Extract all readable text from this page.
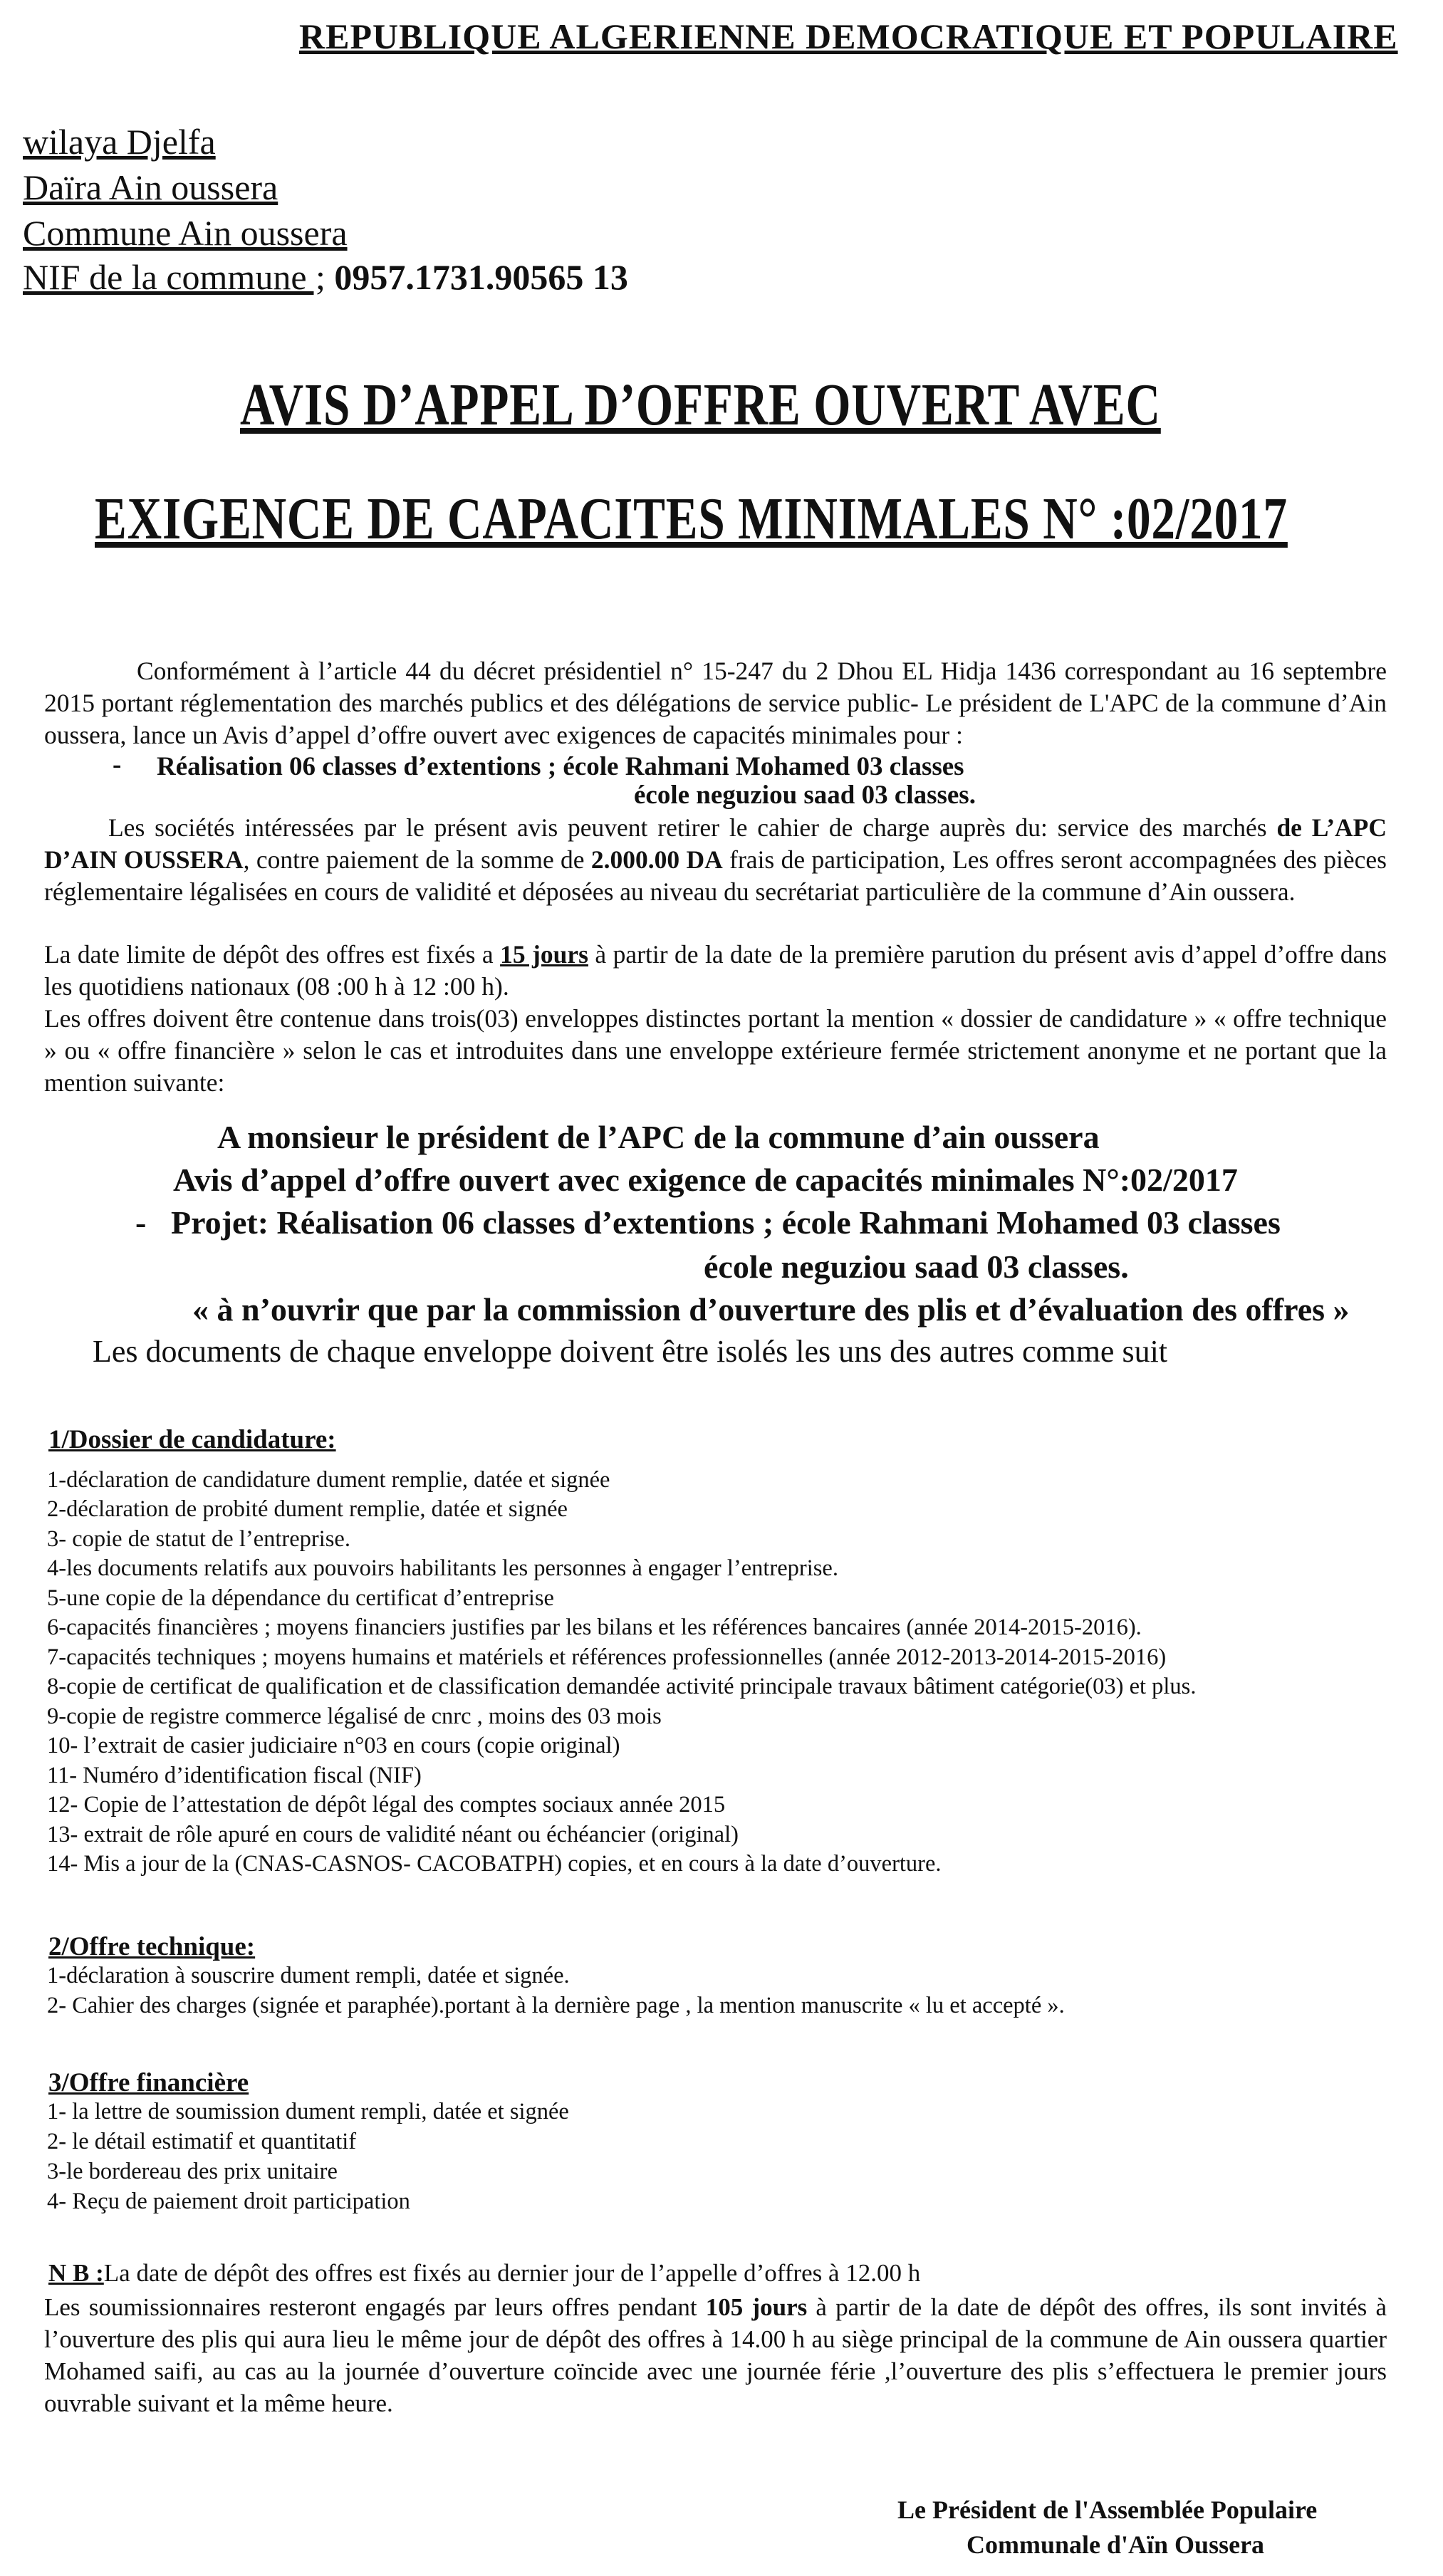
REPUBLIQUE ALGERIENNE DEMOCRATIQUE ET POPULAIRE
wilaya Djelfa
Daïra Ain oussera
Commune Ain oussera
NIF de la commune ; 0957.1731.90565 13
AVIS D’APPEL D’OFFRE OUVERT AVEC
EXIGENCE DE CAPACITES MINIMALES N° :02/2017

Conformément à l’article 44 du décret présidentiel n° 15-247 du 2 Dhou EL Hidja 1436 correspondant au 16 septembre 2015 portant réglementation des marchés publics et des délégations de service public- Le président de L'APC de la commune d’Ain oussera, lance un Avis d’appel d’offre ouvert avec exigences de capacités minimales pour :

- Réalisation 06 classes d’extentions ; école Rahmani Mohamed 03 classes
école neguziou saad 03 classes.

Les sociétés intéressées par le présent avis peuvent retirer le cahier de charge auprès du: service des marchés de L’APC D’AIN OUSSERA, contre paiement de la somme de 2.000.00 DA frais de participation, Les offres seront accompagnées des pièces réglementaire légalisées en cours de validité et déposées au niveau du secrétariat particulière de la commune d’Ain oussera.

La date limite de dépôt des offres est fixés a 15 jours à partir de la date de la première parution du présent avis d’appel d’offre dans les quotidiens nationaux (08 :00 h à 12 :00 h).

Les offres doivent être contenue dans trois(03) enveloppes distinctes portant la mention « dossier de candidature » « offre technique » ou « offre financière » selon le cas et introduites dans une enveloppe extérieure fermée strictement anonyme et ne portant que la mention suivante:

A monsieur le président de l’APC de la commune d’ain oussera
Avis d’appel d’offre ouvert avec exigence de capacités minimales N°:02/2017
- Projet: Réalisation 06 classes d’extentions ; école Rahmani Mohamed 03 classes
école neguziou saad 03 classes.
« à n’ouvrir que par la commission d’ouverture des plis et d’évaluation des offres »
Les documents de chaque enveloppe doivent être isolés les uns des autres comme suit
1/Dossier de candidature:
1-déclaration de candidature dument remplie, datée et signée
2-déclaration de probité dument remplie, datée et signée
3- copie de statut de l’entreprise.
4-les documents relatifs aux pouvoirs habilitants les personnes à engager l’entreprise.
5-une copie de la dépendance du certificat d’entreprise
6-capacités financières ; moyens financiers justifies par les bilans et les références bancaires (année 2014-2015-2016).
7-capacités techniques ; moyens humains et matériels et références professionnelles (année 2012-2013-2014-2015-2016)
8-copie de certificat de qualification et de classification demandée activité principale travaux bâtiment catégorie(03) et plus.
9-copie de registre commerce légalisé de cnrc , moins des 03 mois
10- l’extrait de casier judiciaire n°03 en cours (copie original)
11- Numéro d’identification fiscal (NIF)
12- Copie de l’attestation de dépôt légal des comptes sociaux année 2015
13- extrait de rôle apuré en cours de validité néant ou échéancier (original)
14- Mis a jour de la (CNAS-CASNOS- CACOBATPH) copies, et en cours à la date d’ouverture.
2/Offre technique:
1-déclaration à souscrire dument rempli, datée et signée.
2- Cahier des charges (signée et paraphée).portant à la dernière page , la mention manuscrite « lu et accepté ».
3/Offre financière
1- la lettre de soumission dument rempli, datée et signée
2- le détail estimatif et quantitatif
3-le bordereau des prix unitaire
4- Reçu de paiement droit participation
N B :La date de dépôt des offres est fixés au dernier jour de l’appelle d’offres à 12.00 h

Les soumissionnaires resteront engagés par leurs offres pendant 105 jours à partir de la date de dépôt des offres, ils sont invités à l’ouverture des plis qui aura lieu le même jour de dépôt des offres à 14.00 h au siège principal de la commune de Ain oussera quartier Mohamed saifi, au cas au la journée d’ouverture coïncide avec une journée férie ,l’ouverture des plis s’effectuera le premier jours ouvrable suivant et la même heure.

Le Président de l'Assemblée Populaire
Communale d'Aïn Oussera
